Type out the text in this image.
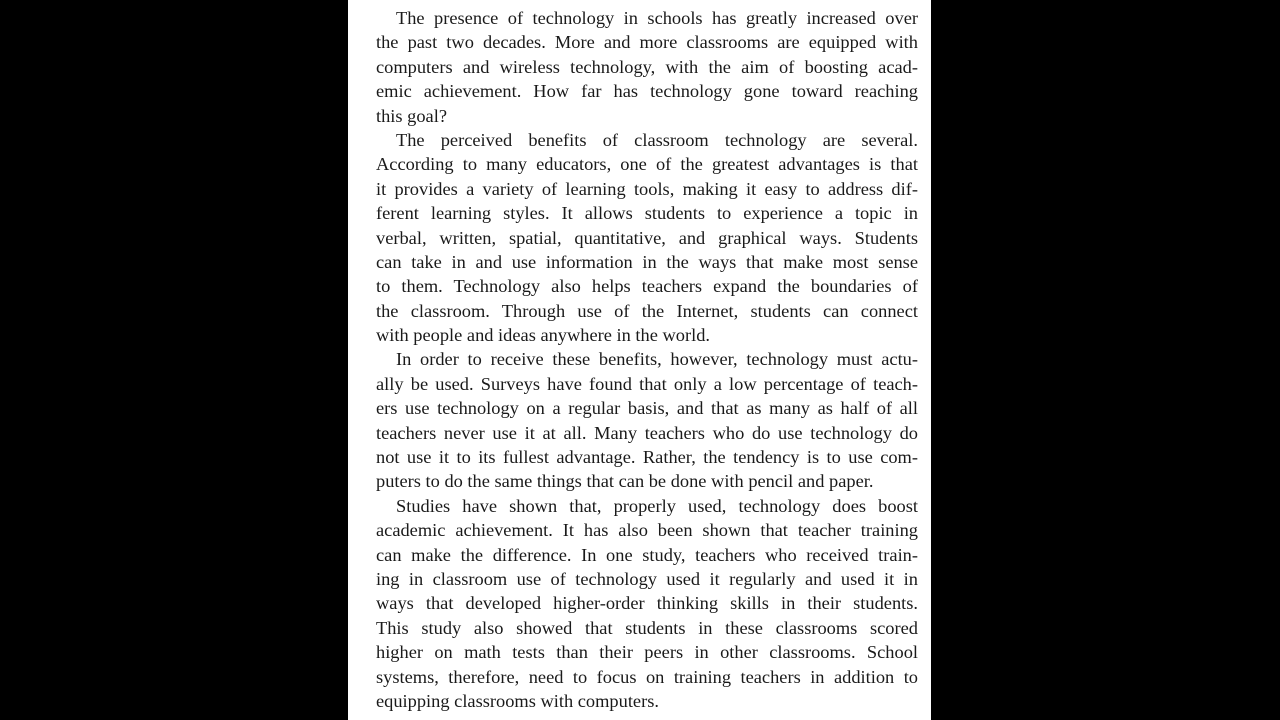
The presence of technology in schools has greatly increased over
the past two decades. More and more classrooms are equipped with
computers and wireless technology, with the aim of boosting acad-
emic achievement. How far has technology gone toward reaching
this goal?
The perceived benefits of classroom technology are several.
According to many educators, one of the greatest advantages is that
it provides a variety of learning tools, making it easy to address dif-
ferent learning styles. It allows students to experience a topic in
verbal, written, spatial, quantitative, and graphical ways. Students
can take in and use information in the ways that make most sense
to them. Technology also helps teachers expand the boundaries of
the classroom. Through use of the Internet, students can connect
with people and ideas anywhere in the world.
In order to receive these benefits, however, technology must actu-
ally be used. Surveys have found that only a low percentage of teach-
ers use technology on a regular basis, and that as many as half of all
teachers never use it at all. Many teachers who do use technology do
not use it to its fullest advantage. Rather, the tendency is to use com-
puters to do the same things that can be done with pencil and paper.
Studies have shown that, properly used, technology does boost
academic achievement. It has also been shown that teacher training
can make the difference. In one study, teachers who received train-
ing in classroom use of technology used it regularly and used it in
ways that developed higher-order thinking skills in their students.
This study also showed that students in these classrooms scored
higher on math tests than their peers in other classrooms. School
systems, therefore, need to focus on training teachers in addition to
equipping classrooms with computers.
